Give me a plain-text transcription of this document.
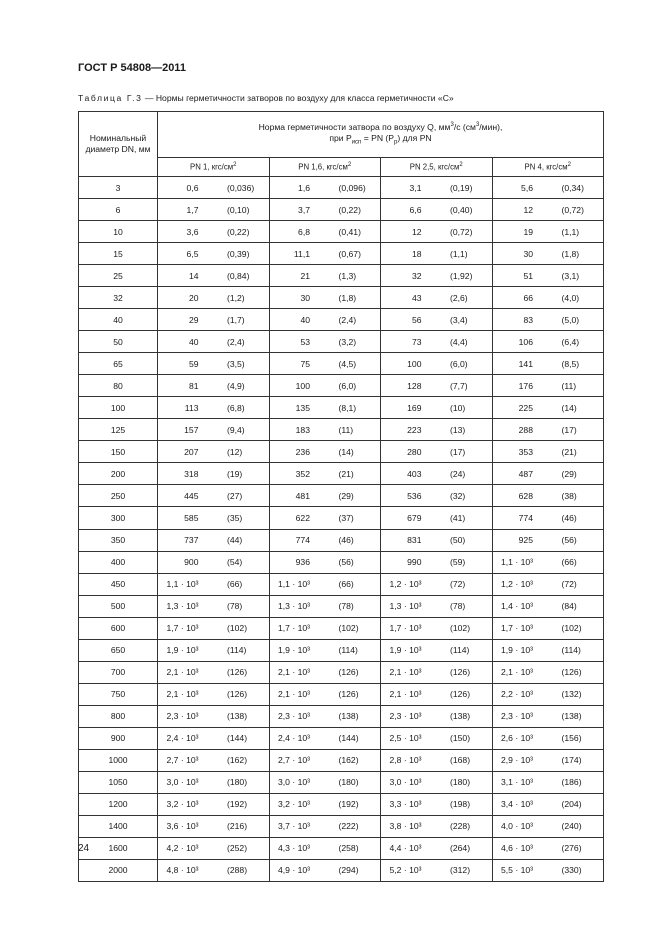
ГОСТ Р 54808—2011
Таблица Г.3 — Нормы герметичности затворов по воздуху для класса герметичности «С»
Номинальный
диаметр DN, мм	Норма герметичности затвора по воздуху Q, $мм^3/с$ $(см^3/мин)$,
при $P_{исп}$ = PN $(P_р)$ для PN			
	PN 1, кгс/$см^2$	PN 1,6, кгс/$см^2$	PN 2,5, кгс/$см^2$	PN 4, кгс/$см^2$
3	0,6 (0,036)	1,6 (0,096)	3,1 (0,19)	5,6 (0,34)

6	1,7 (0,10)	3,7 (0,22)	6,6 (0,40)	12 (0,72)

10	3,6 (0,22)	6,8 (0,41)	12 (0,72)	19 (1,1)

15	6,5 (0,39)	11,1 (0,67)	18 (1,1)	30 (1,8)

25	14 (0,84)	21 (1,3)	32 (1,92)	51 (3,1)

32	20 (1,2)	30 (1,8)	43 (2,6)	66 (4,0)

40	29 (1,7)	40 (2,4)	56 (3,4)	83 (5,0)

50	40 (2,4)	53 (3,2)	73 (4,4)	106 (6,4)

65	59 (3,5)	75 (4,5)	100 (6,0)	141 (8,5)

80	81 (4,9)	100 (6,0)	128 (7,7)	176 (11)

100	113 (6,8)	135 (8,1)	169 (10)	225 (14)

125	157 (9,4)	183 (11)	223 (13)	288 (17)

150	207 (12)	236 (14)	280 (17)	353 (21)

200	318 (19)	352 (21)	403 (24)	487 (29)

250	445 (27)	481 (29)	536 (32)	628 (38)

300	585 (35)	622 (37)	679 (41)	774 (46)

350	737 (44)	774 (46)	831 (50)	925 (56)

400	900 (54)	936 (56)	990 (59)	1,1 · 10³ (66)

450	1,1 · 10³ (66)	1,1 · 10³ (66)	1,2 · 10³ (72)	1,2 · 10³ (72)

500	1,3 · 10³ (78)	1,3 · 10³ (78)	1,3 · 10³ (78)	1,4 · 10³ (84)

600	1,7 · 10³ (102)	1,7 · 10³ (102)	1,7 · 10³ (102)	1,7 · 10³ (102)

650	1,9 · 10³ (114)	1,9 · 10³ (114)	1,9 · 10³ (114)	1,9 · 10³ (114)

700	2,1 · 10³ (126)	2,1 · 10³ (126)	2,1 · 10³ (126)	2,1 · 10³ (126)

750	2,1 · 10³ (126)	2,1 · 10³ (126)	2,1 · 10³ (126)	2,2 · 10³ (132)

800	2,3 · 10³ (138)	2,3 · 10³ (138)	2,3 · 10³ (138)	2,3 · 10³ (138)

900	2,4 · 10³ (144)	2,4 · 10³ (144)	2,5 · 10³ (150)	2,6 · 10³ (156)

1000	2,7 · 10³ (162)	2,7 · 10³ (162)	2,8 · 10³ (168)	2,9 · 10³ (174)

1050	3,0 · 10³ (180)	3,0 · 10³ (180)	3,0 · 10³ (180)	3,1 · 10³ (186)

1200	3,2 · 10³ (192)	3,2 · 10³ (192)	3,3 · 10³ (198)	3,4 · 10³ (204)

1400	3,6 · 10³ (216)	3,7 · 10³ (222)	3,8 · 10³ (228)	4,0 · 10³ (240)

1600	4,2 · 10³ (252)	4,3 · 10³ (258)	4,4 · 10³ (264)	4,6 · 10³ (276)

2000	4,8 · 10³ (288)	4,9 · 10³ (294)	5,2 · 10³ (312)	5,5 · 10³ (330)
24
